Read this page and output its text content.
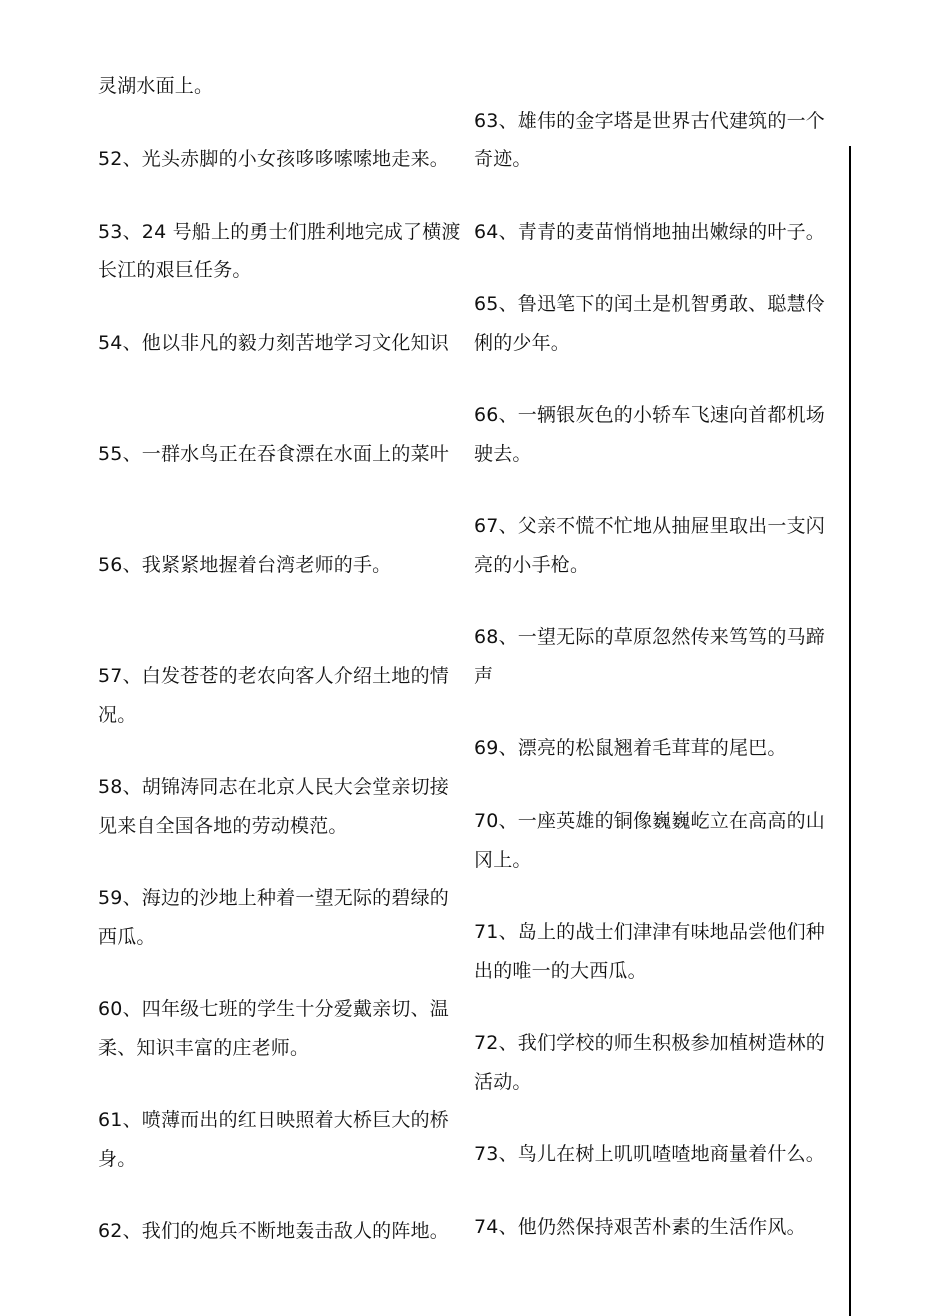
灵湖水面上。
52、光头赤脚的小女孩哆哆嗦嗦地走来。
53、24 号船上的勇士们胜利地完成了横渡
长江的艰巨任务。
54、他以非凡的毅力刻苦地学习文化知识
55、一群水鸟正在吞食漂在水面上的菜叶
56、我紧紧地握着台湾老师的手。
57、白发苍苍的老农向客人介绍土地的情
况。
58、胡锦涛同志在北京人民大会堂亲切接
见来自全国各地的劳动模范。
59、海边的沙地上种着一望无际的碧绿的
西瓜。
60、四年级七班的学生十分爱戴亲切、温
柔、知识丰富的庄老师。
61、喷薄而出的红日映照着大桥巨大的桥
身。
62、我们的炮兵不断地轰击敌人的阵地。
63、雄伟的金字塔是世界古代建筑的一个
奇迹。
64、青青的麦苗悄悄地抽出嫩绿的叶子。
65、鲁迅笔下的闰土是机智勇敢、聪慧伶
俐的少年。
66、一辆银灰色的小轿车飞速向首都机场
驶去。
67、父亲不慌不忙地从抽屉里取出一支闪
亮的小手枪。
68、一望无际的草原忽然传来笃笃的马蹄
声
69、漂亮的松鼠翘着毛茸茸的尾巴。
70、一座英雄的铜像巍巍屹立在高高的山
冈上。
71、岛上的战士们津津有味地品尝他们种
出的唯一的大西瓜。
72、我们学校的师生积极参加植树造林的
活动。
73、鸟儿在树上叽叽喳喳地商量着什么。
74、他仍然保持艰苦朴素的生活作风。
